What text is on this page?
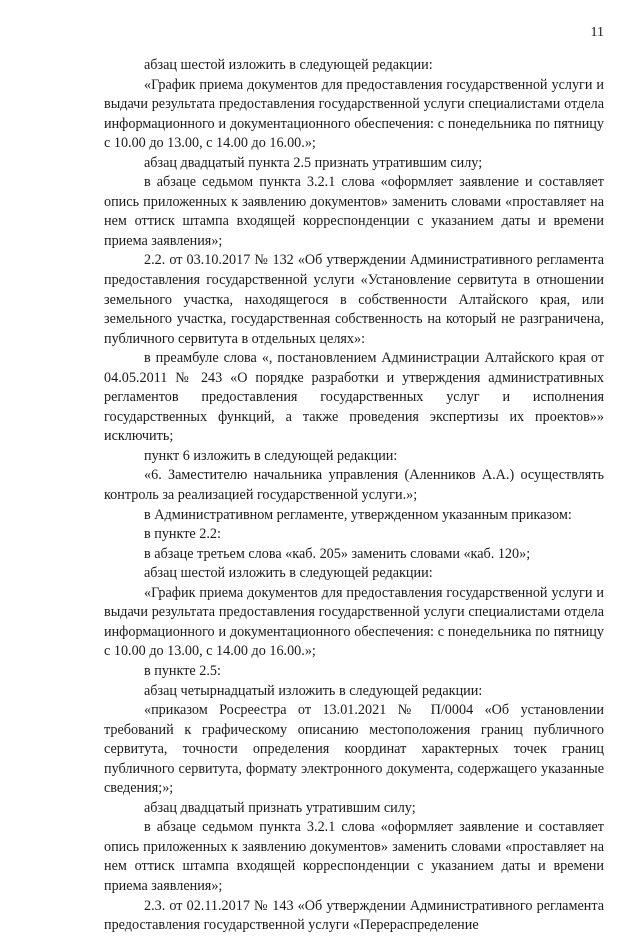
11

абзац шестой изложить в следующей редакции:

«График приема документов для предоставления государственной услуги и выдачи результата предоставления государственной услуги специалистами отдела информационного и документационного обеспечения: с понедельника по пятницу с 10.00 до 13.00, с 14.00 до 16.00.»;

абзац двадцатый пункта 2.5 признать утратившим силу;

в абзаце седьмом пункта 3.2.1 слова «оформляет заявление и составляет опись приложенных к заявлению документов» заменить словами «проставляет на нем оттиск штампа входящей корреспонденции с указанием даты и времени приема заявления»;

2.2. от 03.10.2017 № 132 «Об утверждении Административного регламента предоставления государственной услуги «Установление сервитута в отношении земельного участка, находящегося в собственности Алтайского края, или земельного участка, государственная собственность на который не разграничена, публичного сервитута в отдельных целях»:

в преамбуле слова «, постановлением Администрации Алтайского края от 04.05.2011 № 243 «О порядке разработки и утверждения административных регламентов предоставления государственных услуг и исполнения государственных функций, а также проведения экспертизы их проектов»» исключить;

пункт 6 изложить в следующей редакции:

«6. Заместителю начальника управления (Аленников А.А.) осуществлять контроль за реализацией государственной услуги.»;

в Административном регламенте, утвержденном указанным приказом:

в пункте 2.2:

в абзаце третьем слова «каб. 205» заменить словами «каб. 120»;

абзац шестой изложить в следующей редакции:

«График приема документов для предоставления государственной услуги и выдачи результата предоставления государственной услуги специалистами отдела информационного и документационного обеспечения: с понедельника по пятницу с 10.00 до 13.00, с 14.00 до 16.00.»;

в пункте 2.5:

абзац четырнадцатый изложить в следующей редакции:

«приказом Росреестра от 13.01.2021 № П/0004 «Об установлении требований к графическому описанию местоположения границ публичного сервитута, точности определения координат характерных точек границ публичного сервитута, формату электронного документа, содержащего указанные сведения;»;

абзац двадцатый признать утратившим силу;

в абзаце седьмом пункта 3.2.1 слова «оформляет заявление и составляет опись приложенных к заявлению документов» заменить словами «проставляет на нем оттиск штампа входящей корреспонденции с указанием даты и времени приема заявления»;

2.3. от 02.11.2017 № 143 «Об утверждении Административного регламента предоставления государственной услуги «Перераспределение
